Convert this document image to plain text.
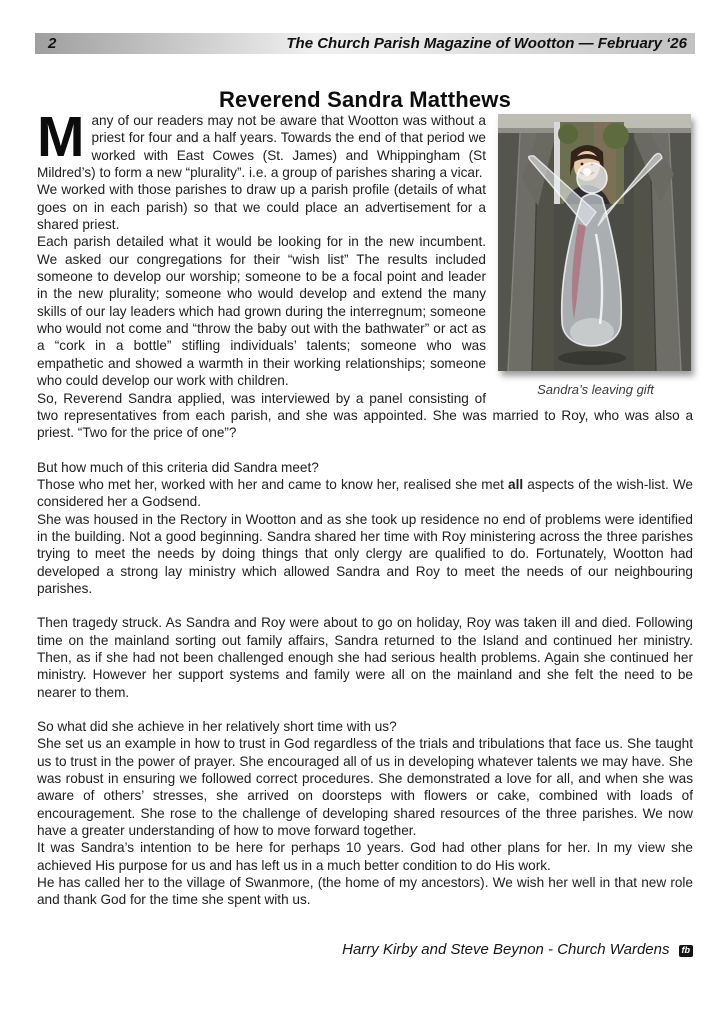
2	The Church Parish Magazine of Wootton — February ‘26
Reverend Sandra Matthews
Sandra’s leaving gift

Many of our readers may not be aware that Wootton was without a priest for four and a half years. Towards the end of that period we worked with East Cowes (St. James) and Whippingham (St Mildred’s) to form a new “plurality”. i.e. a group of parishes sharing a vicar.

We worked with those parishes to draw up a parish profile (details of what goes on in each parish) so that we could place an advertisement for a shared priest.

Each parish detailed what it would be looking for in the new incumbent. We asked our congregations for their “wish list” The results included someone to develop our worship; someone to be a focal point and leader in the new plurality; someone who would develop and extend the many skills of our lay leaders which had grown during the interregnum; someone who would not come and “throw the baby out with the bathwater” or act as a “cork in a bottle” stifling individuals’ talents; someone who was empathetic and showed a warmth in their working relationships; someone who could develop our work with children.

So, Reverend Sandra applied, was interviewed by a panel consisting of two representatives from each parish, and she was appointed. She was married to Roy, who was also a priest. “Two for the price of one”?

But how much of this criteria did Sandra meet?

Those who met her, worked with her and came to know her, realised she met all aspects of the wish-list. We considered her a Godsend.

She was housed in the Rectory in Wootton and as she took up residence no end of problems were identified in the building. Not a good beginning. Sandra shared her time with Roy ministering across the three parishes trying to meet the needs by doing things that only clergy are qualified to do. Fortunately, Wootton had developed a strong lay ministry which allowed Sandra and Roy to meet the needs of our neighbouring parishes.

Then tragedy struck. As Sandra and Roy were about to go on holiday, Roy was taken ill and died. Following time on the mainland sorting out family affairs, Sandra returned to the Island and continued her ministry. Then, as if she had not been challenged enough she had serious health problems. Again she continued her ministry. However her support systems and family were all on the mainland and she felt the need to be nearer to them.

So what did she achieve in her relatively short time with us?

She set us an example in how to trust in God regardless of the trials and tribulations that face us. She taught us to trust in the power of prayer. She encouraged all of us in developing whatever talents we may have. She was robust in ensuring we followed correct procedures. She demonstrated a love for all, and when she was aware of others’ stresses, she arrived on doorsteps with flowers or cake, combined with loads of encouragement. She rose to the challenge of developing shared resources of the three parishes. We now have a greater understanding of how to move forward together.

It was Sandra’s intention to be here for perhaps 10 years. God had other plans for her. In my view she achieved His purpose for us and has left us in a much better condition to do His work.

He has called her to the village of Swanmore, (the home of my ancestors). We wish her well in that new role and thank God for the time she spent with us.

Harry Kirby and Steve Beynon - Church Wardens fb
